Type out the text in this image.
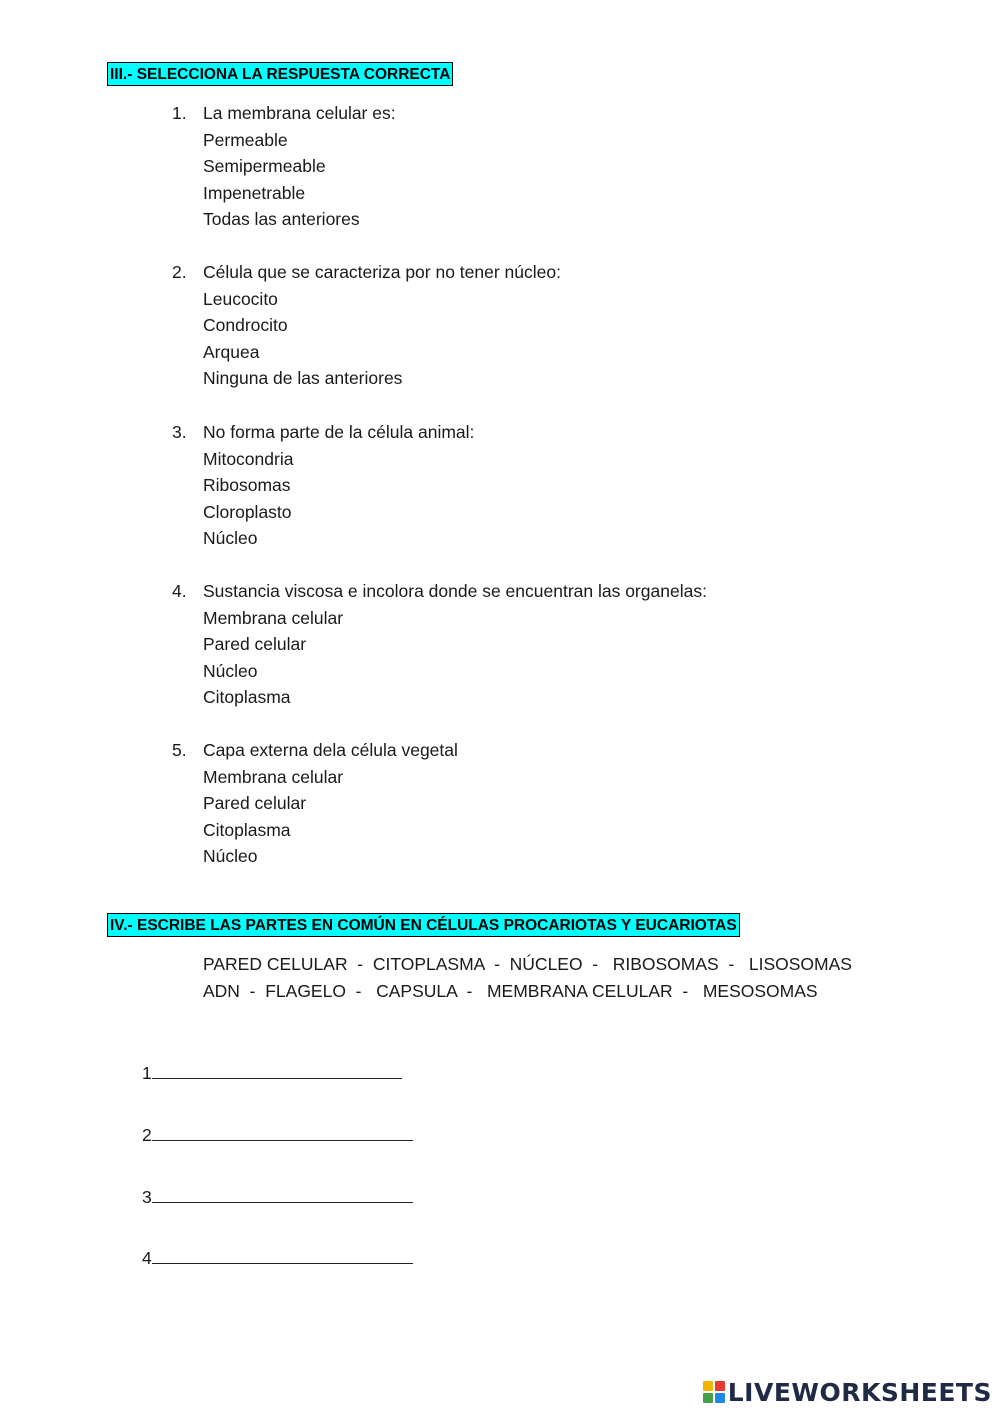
III.- SELECCIONA LA RESPUESTA CORRECTA
1. La membrana celular es:
Permeable
Semipermeable
Impenetrable
Todas las anteriores
2. Célula que se caracteriza por no tener núcleo:
Leucocito
Condrocito
Arquea
Ninguna de las anteriores
3. No forma parte de la célula animal:
Mitocondria
Ribosomas
Cloroplasto
Núcleo
4. Sustancia viscosa e incolora donde se encuentran las organelas:
Membrana celular
Pared celular
Núcleo
Citoplasma
5. Capa externa dela célula vegetal
Membrana celular
Pared celular
Citoplasma
Núcleo
IV.- ESCRIBE LAS PARTES EN COMÚN EN CÉLULAS PROCARIOTAS Y EUCARIOTAS
PARED CELULAR  -  CITOPLASMA  -  NÚCLEO  -   RIBOSOMAS  -   LISOSOMAS
ADN  -  FLAGELO  -   CAPSULA  -   MEMBRANA CELULAR  -   MESOSOMAS
1
2
3
4
LIVEWORKSHEETS
